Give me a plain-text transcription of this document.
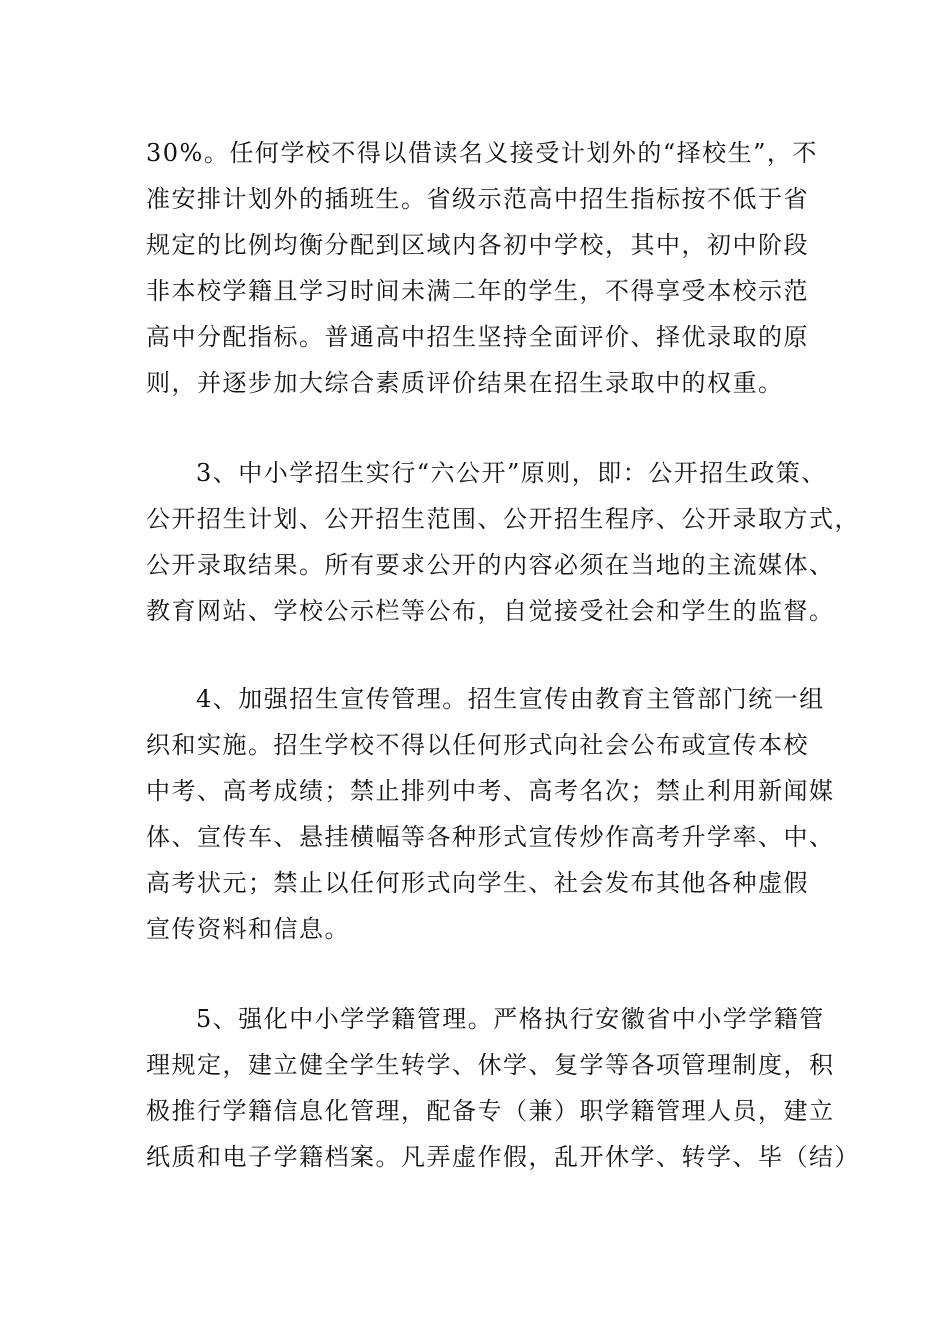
30%。任何学校不得以借读名义接受计划外的“择校生”，不
准安排计划外的插班生。省级示范高中招生指标按不低于省
规定的比例均衡分配到区域内各初中学校，其中，初中阶段
非本校学籍且学习时间未满二年的学生，不得享受本校示范
高中分配指标。普通高中招生坚持全面评价、择优录取的原
则，并逐步加大综合素质评价结果在招生录取中的权重。
3、中小学招生实行“六公开”原则，即：公开招生政策、
公开招生计划、公开招生范围、公开招生程序、公开录取方式，
公开录取结果。所有要求公开的内容必须在当地的主流媒体、
教育网站、学校公示栏等公布，自觉接受社会和学生的监督。
4、加强招生宣传管理。招生宣传由教育主管部门统一组
织和实施。招生学校不得以任何形式向社会公布或宣传本校
中考、高考成绩；禁止排列中考、高考名次；禁止利用新闻媒
体、宣传车、悬挂横幅等各种形式宣传炒作高考升学率、中、
高考状元；禁止以任何形式向学生、社会发布其他各种虚假
宣传资料和信息。
5、强化中小学学籍管理。严格执行安徽省中小学学籍管
理规定，建立健全学生转学、休学、复学等各项管理制度，积
极推行学籍信息化管理，配备专（兼）职学籍管理人员，建立
纸质和电子学籍档案。凡弄虚作假，乱开休学、转学、毕（结）
